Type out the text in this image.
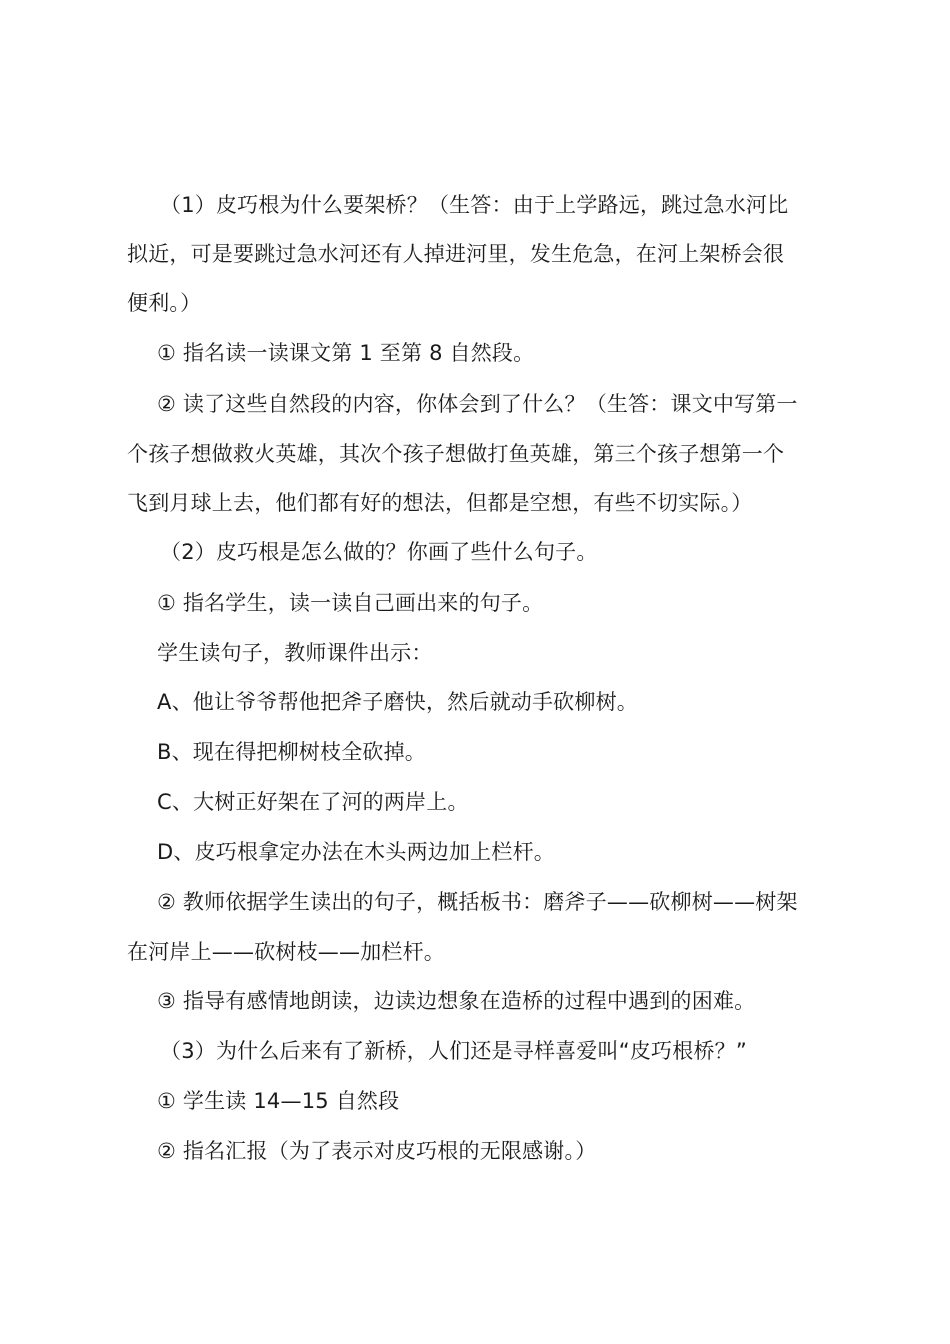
（1）皮巧根为什么要架桥？（生答：由于上学路远，跳过急水河比
拟近，可是要跳过急水河还有人掉进河里，发生危急，在河上架桥会很
便利。）
① 指名读一读课文第 1 至第 8 自然段。
② 读了这些自然段的内容，你体会到了什么？（生答：课文中写第一
个孩子想做救火英雄，其次个孩子想做打鱼英雄，第三个孩子想第一个
飞到月球上去，他们都有好的想法，但都是空想，有些不切实际。）
（2）皮巧根是怎么做的？你画了些什么句子。
① 指名学生，读一读自己画出来的句子。
学生读句子，教师课件出示：
A、他让爷爷帮他把斧子磨快，然后就动手砍柳树。
B、现在得把柳树枝全砍掉。
C、大树正好架在了河的两岸上。
D、皮巧根拿定办法在木头两边加上栏杆。
② 教师依据学生读出的句子，概括板书：磨斧子——砍柳树——树架
在河岸上——砍树枝——加栏杆。
③ 指导有感情地朗读，边读边想象在造桥的过程中遇到的困难。
（3）为什么后来有了新桥，人们还是寻样喜爱叫“皮巧根桥？”
① 学生读 14—15 自然段
② 指名汇报（为了表示对皮巧根的无限感谢。）
